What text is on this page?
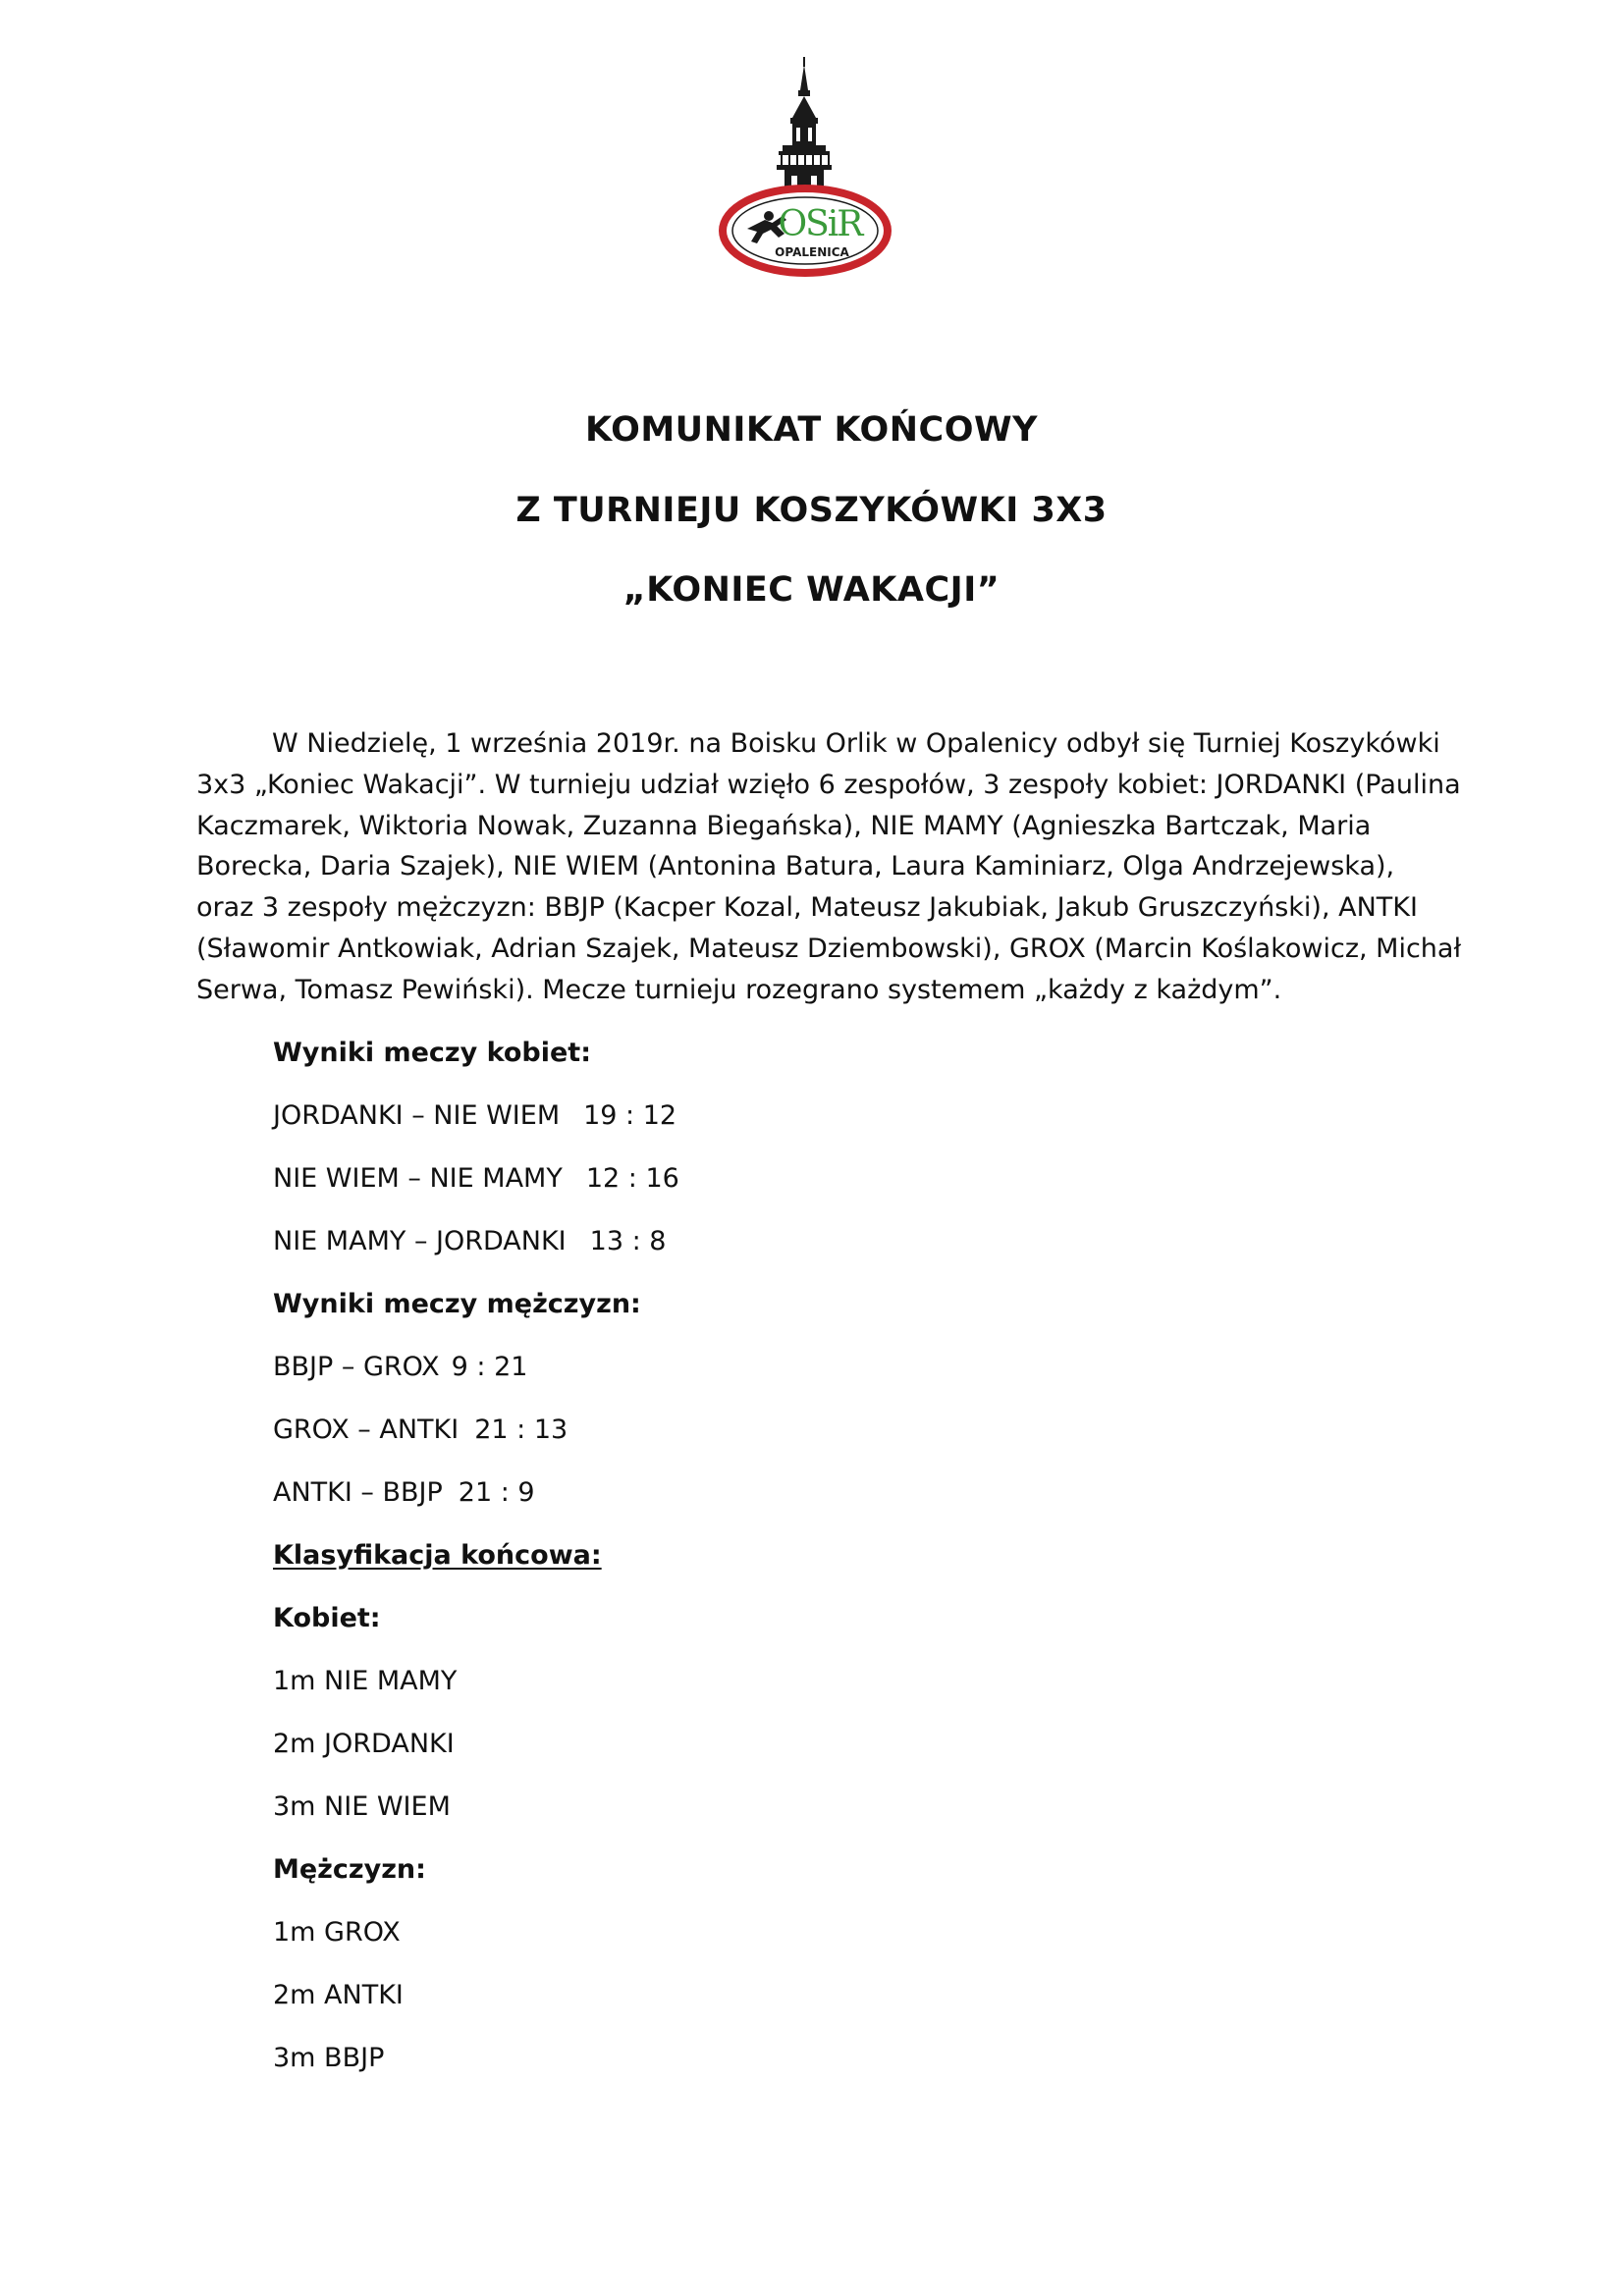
OSiR
OPALENICA
KOMUNIKAT KOŃCOWY
Z TURNIEJU KOSZYKÓWKI 3X3
„KONIEC WAKACJI”

W Niedzielę, 1 września 2019r. na Boisku Orlik w Opalenicy odbył się Turniej Koszykówki
3x3 „Koniec Wakacji”. W turnieju udział wzięło 6 zespołów, 3 zespoły kobiet: JORDANKI (Paulina
Kaczmarek, Wiktoria Nowak, Zuzanna Biegańska), NIE MAMY (Agnieszka Bartczak, Maria
Borecka, Daria Szajek), NIE WIEM (Antonina Batura, Laura Kaminiarz, Olga Andrzejewska),
oraz 3 zespoły mężczyzn: BBJP (Kacper Kozal, Mateusz Jakubiak, Jakub Gruszczyński), ANTKI
(Sławomir Antkowiak, Adrian Szajek, Mateusz Dziembowski), GROX (Marcin Koślakowicz, Michał
Serwa, Tomasz Pewiński). Mecze turnieju rozegrano systemem „każdy z każdym”.

Wyniki meczy kobiet:

JORDANKI – NIE WIEM 19 : 12

NIE WIEM – NIE MAMY 12 : 16

NIE MAMY – JORDANKI 13 : 8

Wyniki meczy mężczyzn:

BBJP – GROX 9 : 21

GROX – ANTKI 21 : 13

ANTKI – BBJP 21 : 9

Klasyfikacja końcowa:

Kobiet:

1m NIE MAMY

2m JORDANKI

3m NIE WIEM

Mężczyzn:

1m GROX

2m ANTKI

3m BBJP
